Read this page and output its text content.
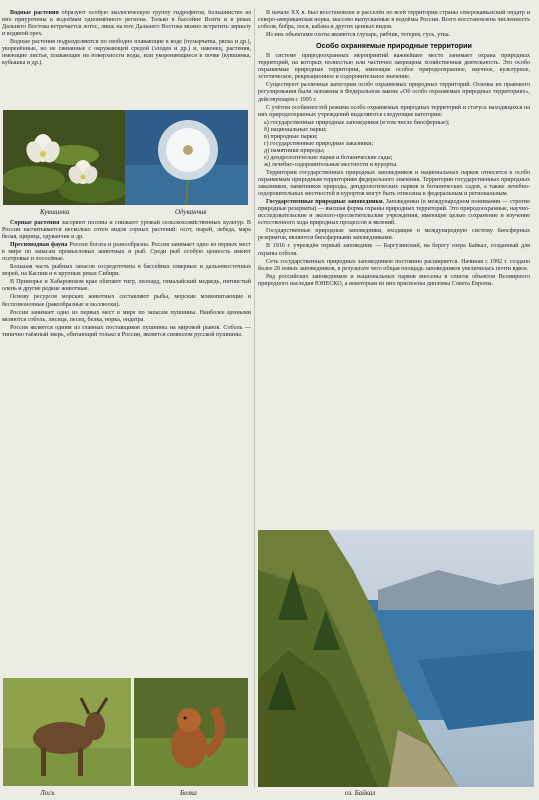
Водные растения образуют особую экологическую группу гидрофитов, большинство из них приурочены к водоёмам одноимённого региона. Только в бассейне Волги и в реках Дальнего Востока встречается лотос, лишь на юге Дальнего Востока можно встретить эвриалу и водяной орех.

Водные растения подразделяются по свободно плавающие в воде (пузырчатка, ряска и др.), укоренённые, но не связанные с окружающей средой (элодея и др.) и, наконец, растения, имеющие листья, плавающие на поверхности воды, или укореняющиеся в почве (кувшинка, кубышка и др.).

Кувшинка	Одуванчик

Сорные растения засоряют посевы и снижают урожай сельскохозяйственных культур. В России насчитывается несколько сотен видов сорных растений: осот, пырей, лебеда, марь белая, щирица, одуванчик и др.

Пресноводная фауна России богата и разнообразна. Россия занимает одно из первых мест в мире по запасам промысловых животных и рыб. Среди рыб особую ценность имеют осетровые и лососёвые.

Большая часть рыбных запасов сосредоточена в бассейнах северных и дальневосточных морей, на Каспии и в крупных реках Сибири.

В Приморье и Хабаровском крае обитают тигр, леопард, гималайский медведь, пятнистый олень и другие редкие животные.

Основу ресурсов морских животных составляют рыбы, морские млекопитающие и беспозвоночные (ракообразные и моллюски).

Россия занимает одно из первых мест в мире по запасам пушнины. Наиболее ценными являются соболь, лисица, песец, белка, норка, ондатра.

Россия является одним из главных поставщиков пушнины на мировой рынок. Соболь — типично таёжный зверь, обитающий только в России, является символом русской пушнины.

Лось	Белка

В начале XX в. был восстановлен и расселён по всей территории страны северокавказский ондатр и северо-американская норка, массово выпускаемые в водоёмы России. Всего восстановлена численность соболя, бобра, лося, кабана и других ценных видов.

Из них объектами охоты являются глухарь, рябчик, тетерев, гусь, утка.

Особо охраняемые природные территории

В системе природоохранных мероприятий важнейшее место занимает охрана природных территорий, на которых полностью или частично запрещена хозяйственная деятельность. Это особо охраняемые природные территории, имеющие особое природоохранное, научное, культурное, эстетическое, рекреационное и оздоровительное значение.

Существуют различные категории особо охраняемых природных территорий. Основы их правового регулирования были заложены в Федеральном законе «Об особо охраняемых природных территориях», действующем с 1995 г.

С учётом особенностей режима особо охраняемых природных территорий и статуса находящихся на них природоохранных учреждений выделяются следующие категории:

а) государственные природные заповедники (в том числе биосферные);
б) национальные парки;
в) природные парки;
г) государственные природные заказники;
д) памятники природы;
е) дендрологические парки и ботанические сады;
ж) лечебно-оздоровительные местности и курорты.

Территории государственных природных заповедников и национальных парков относятся к особо охраняемым природным территориям федерального значения. Территории государственных природных заказников, памятников природы, дендрологических парков и ботанических садов, а также лечебно-оздоровительных местностей и курортов могут быть отнесены к федеральным и региональным.

Государственные природные заповедники. Заповедники (в международном понимании — строгие природные резерваты) — высшая форма охраны природных территорий. Это природоохранные, научно-исследовательские и эколого-просветительские учреждения, имеющие целью сохранение и изучение естественного хода природных процессов и явлений.

Государственные природные заповедники, входящие в международную систему биосферных резерватов, являются биосферными заповедниками.

В 1916 г. учреждён первый заповедник — Баргузинский, на берегу озера Байкал, созданный для охраны соболя.

Сеть государственных природных заповедников постоянно расширяется. Начиная с 1992 г. создано более 20 новых заповедников, в результате чего общая площадь заповедников увеличилась почти вдвое.

Ряд российских заповедников и национальных парков внесены в список объектов Всемирного природного наследия ЮНЕСКО, а некоторым из них присвоены дипломы Совета Европы.

оз. Байкал
